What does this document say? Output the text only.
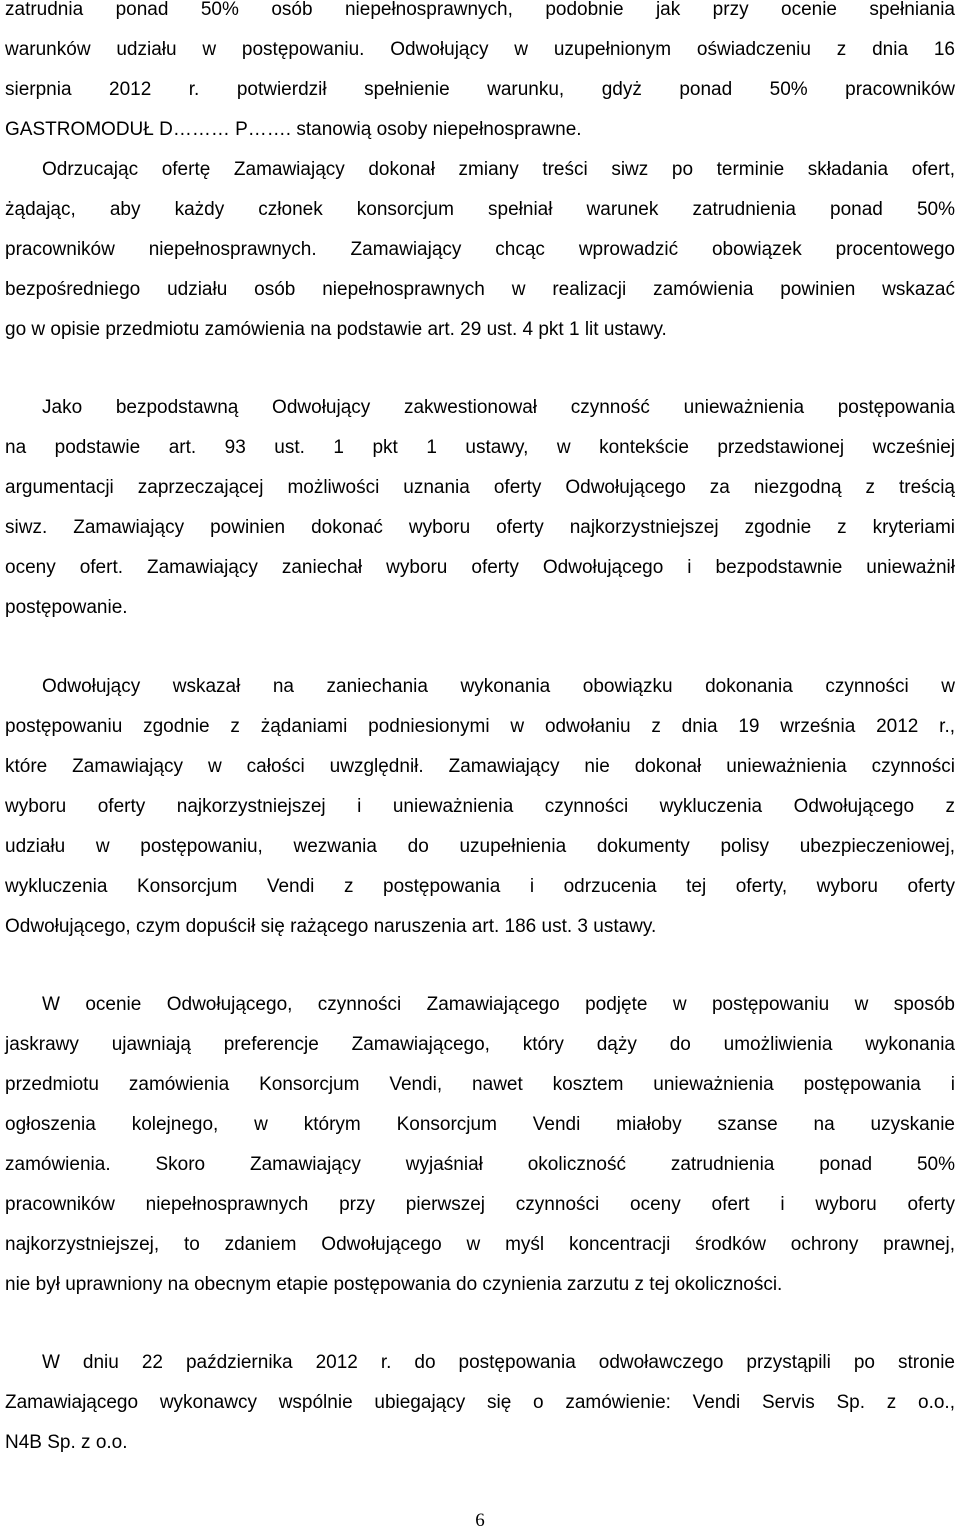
zatrudnia ponad 50% osób niepełnosprawnych, podobnie jak przy ocenie spełniania
warunków udziału w postępowaniu. Odwołujący w uzupełnionym oświadczeniu z dnia 16
sierpnia 2012 r. potwierdził spełnienie warunku, gdyż ponad 50% pracowników
GASTROMODUŁ D……… P……. stanowią osoby niepełnosprawne.
Odrzucając ofertę Zamawiający dokonał zmiany treści siwz po terminie składania ofert,
żądając, aby każdy członek konsorcjum spełniał warunek zatrudnienia ponad 50%
pracowników niepełnosprawnych. Zamawiający chcąc wprowadzić obowiązek procentowego
bezpośredniego udziału osób niepełnosprawnych w realizacji zamówienia powinien wskazać
go w opisie przedmiotu zamówienia na podstawie art. 29 ust. 4 pkt 1 lit ustawy.
Jako bezpodstawną Odwołujący zakwestionował czynność unieważnienia postępowania
na podstawie art. 93 ust. 1 pkt 1 ustawy, w kontekście przedstawionej wcześniej
argumentacji zaprzeczającej możliwości uznania oferty Odwołującego za niezgodną z treścią
siwz. Zamawiający powinien dokonać wyboru oferty najkorzystniejszej zgodnie z kryteriami
oceny ofert. Zamawiający zaniechał wyboru oferty Odwołującego i bezpodstawnie unieważnił
postępowanie.
Odwołujący wskazał na zaniechania wykonania obowiązku dokonania czynności w
postępowaniu zgodnie z żądaniami podniesionymi w odwołaniu z dnia 19 września 2012 r.,
które Zamawiający w całości uwzględnił. Zamawiający nie dokonał unieważnienia czynności
wyboru oferty najkorzystniejszej i unieważnienia czynności wykluczenia Odwołującego z
udziału w postępowaniu, wezwania do uzupełnienia dokumenty polisy ubezpieczeniowej,
wykluczenia Konsorcjum Vendi z postępowania i odrzucenia tej oferty, wyboru oferty
Odwołującego, czym dopuścił się rażącego naruszenia art. 186 ust. 3 ustawy.
W ocenie Odwołującego, czynności Zamawiającego podjęte w postępowaniu w sposób
jaskrawy ujawniają preferencje Zamawiającego, który dąży do umożliwienia wykonania
przedmiotu zamówienia Konsorcjum Vendi, nawet kosztem unieważnienia postępowania i
ogłoszenia kolejnego, w którym Konsorcjum Vendi miałoby szanse na uzyskanie
zamówienia. Skoro Zamawiający wyjaśniał okoliczność zatrudnienia ponad 50%
pracowników niepełnosprawnych przy pierwszej czynności oceny ofert i wyboru oferty
najkorzystniejszej, to zdaniem Odwołującego w myśl koncentracji środków ochrony prawnej,
nie był uprawniony na obecnym etapie postępowania do czynienia zarzutu z tej okoliczności.
W dniu 22 października 2012 r. do postępowania odwoławczego przystąpili po stronie
Zamawiającego wykonawcy wspólnie ubiegający się o zamówienie: Vendi Servis Sp. z o.o.,
N4B Sp. z o.o.
6
